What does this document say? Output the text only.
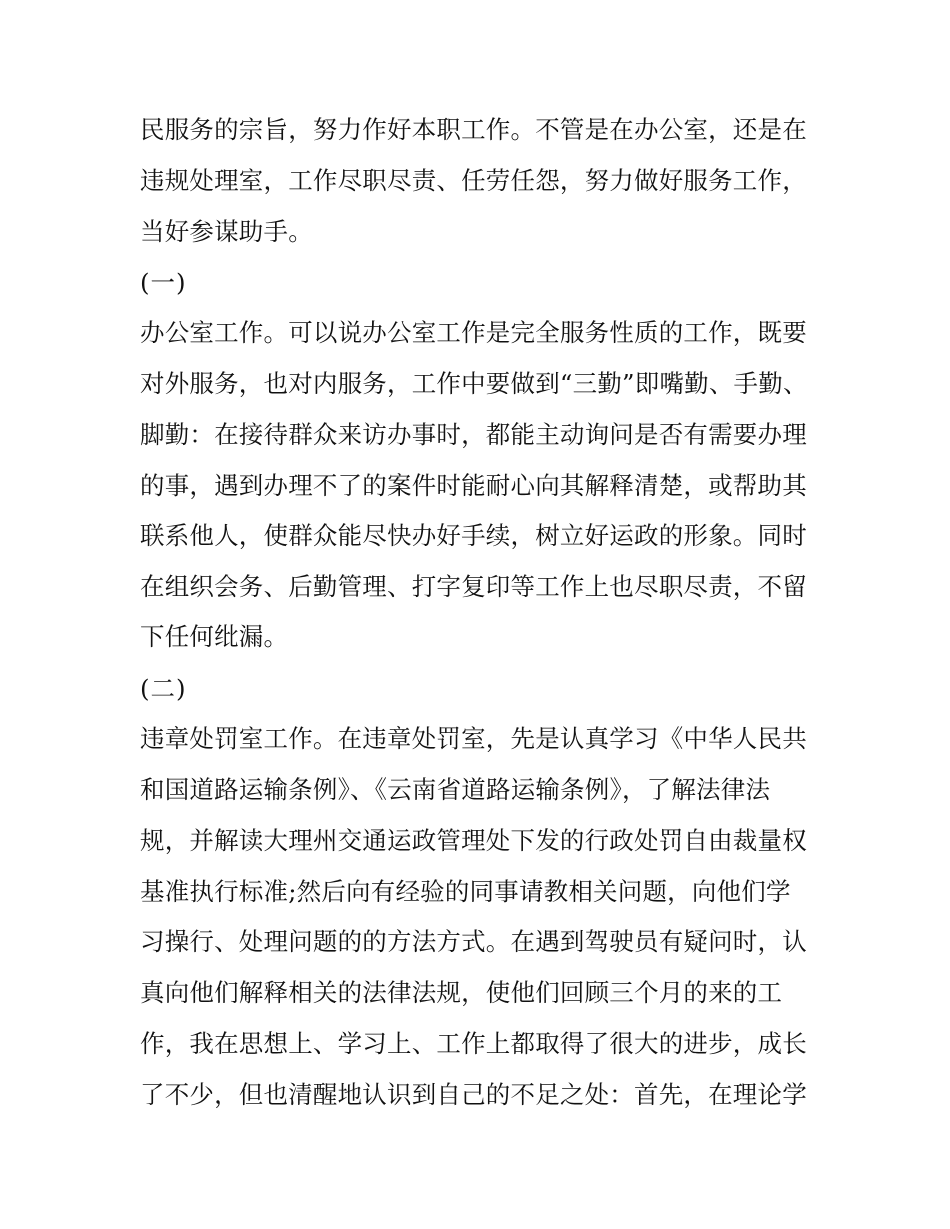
民服务的宗旨，努力作好本职工作。不管是在办公室，还是在

违规处理室，工作尽职尽责、任劳任怨，努力做好服务工作，

当好参谋助手。

(一)

办公室工作。可以说办公室工作是完全服务性质的工作，既要

对外服务，也对内服务，工作中要做到“三勤”即嘴勤、手勤、

脚勤：在接待群众来访办事时，都能主动询问是否有需要办理

的事，遇到办理不了的案件时能耐心向其解释清楚，或帮助其

联系他人，使群众能尽快办好手续，树立好运政的形象。同时

在组织会务、后勤管理、打字复印等工作上也尽职尽责，不留

下任何纰漏。

(二)

违章处罚室工作。在违章处罚室，先是认真学习《中华人民共

和国道路运输条例》、《云南省道路运输条例》，了解法律法

规，并解读大理州交通运政管理处下发的行政处罚自由裁量权

基准执行标准;然后向有经验的同事请教相关问题，向他们学

习操行、处理问题的的方法方式。在遇到驾驶员有疑问时，认

真向他们解释相关的法律法规，使他们回顾三个月的来的工

作，我在思想上、学习上、工作上都取得了很大的进步，成长

了不少，但也清醒地认识到自己的不足之处：首先，在理论学
